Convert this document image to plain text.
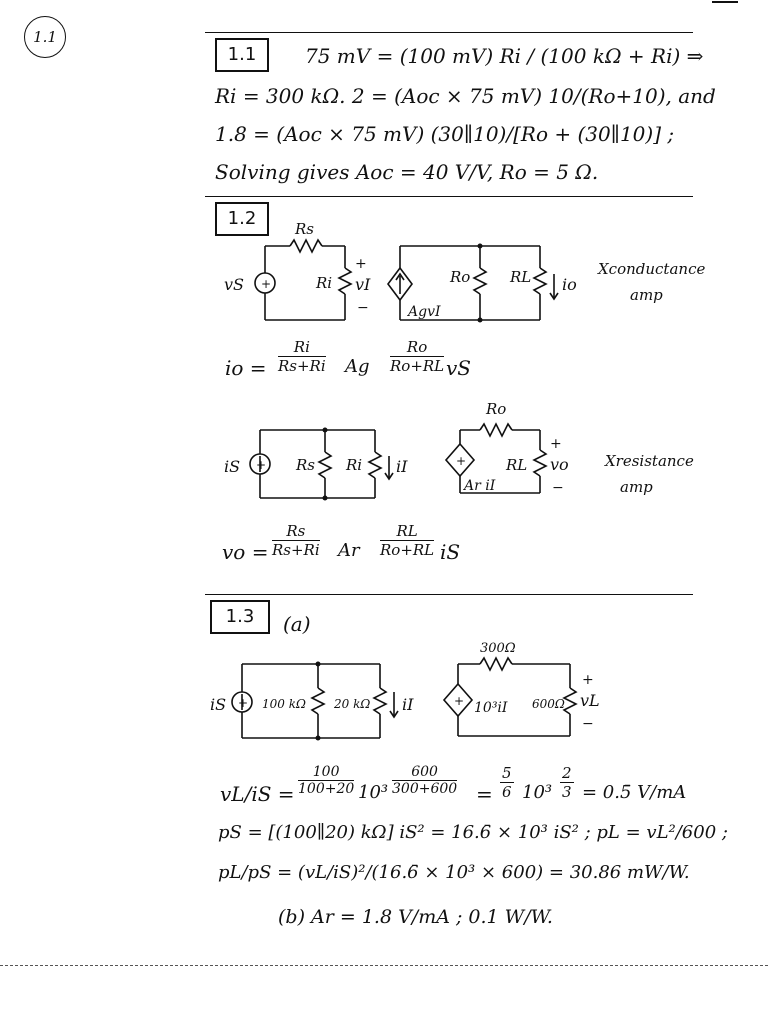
1.1
1.1	75 mV = (100 mV) Ri / (100 kΩ + Ri) ⇒
Ri = 300 kΩ. 2 = (Aoc × 75 mV) 10/(Ro+10), and
1.8 = (Aoc × 75 mV) (30∥10)/[Ro + (30∥10)] ;
Solving gives Aoc = 40 V/V, Ro = 5 Ω.
1.2
+
Rs
vS	Ri
+
vI
−
Ro	RL io
AgvI
Xconductance
amp
io = $\frac{Ri}{Rs+Ri}$ Ag $\frac{Ro}{Ro+RL}$ vS
+	+
iS	Rs Ri iI
Ro
RL
+
vo
−
Ar iI
Xresistance
amp
vo = $\frac{Rs}{Rs+Ri}$ Ar $\frac{RL}{Ro+RL}$ iS
1.3	(a)
+	+
iS	100 kΩ 20 kΩ iI
300Ω
10³iI 600Ω
+
vL
−
$vL/iS = \frac{100}{100+20} 10^3 \frac{600}{300+600} = \frac{5}{6} 10^3 \frac{2}{3}$ = 0.5̄ V/mA
pS = [(100∥20) kΩ] iS² = 16.6̄ × 10³ iS² ; pL = vL²/600 ;
pL/pS = (vL/iS)²/(16.6̄ × 10³ × 600) = 30.86 mW/W.
(b) Ar = 1.8 V/mA ; 0.1 W/W.
